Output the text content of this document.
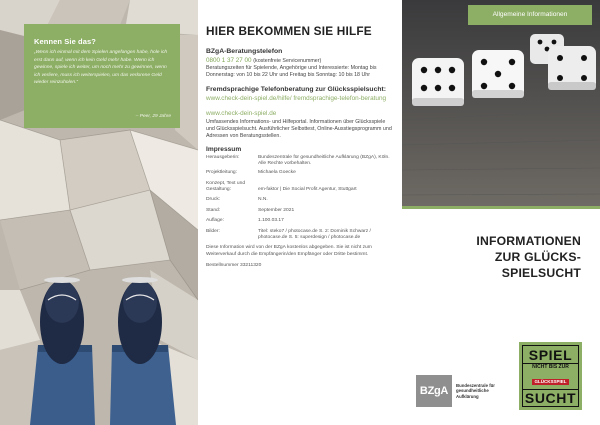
Kennen Sie das?
„Wenn ich einmal mit dem Spielen angefangen habe, hole ich erst dann auf, wenn ich kein Geld mehr habe. Wenn ich gewinne, spiele ich weiter, um noch mehr zu gewinnen, wenn ich verliere, muss ich weiterspielen, um das verlorene Geld wieder reinzuholen.“
– Peer, 29 Jahre
HIER BEKOMMEN SIE HILFE
BZgA-Beratungstelefon
0800 1 37 27 00 (kostenfreie Servicenummer)
Beratungszeiten für Spielende, Angehörige und Interessierte: Montag bis Donnerstag: von 10 bis 22 Uhr und Freitag bis Sonntag: 10 bis 18 Uhr
Fremdsprachige Telefonberatung zur Glücksspielsucht:
www.check-dein-spiel.de/hilfe/ fremdsprachige-telefon-beratung
www.check-dein-spiel.de
Umfassendes Informations- und Hilfeportal. Informationen über Glücksspiele und Glücksspielsucht. Ausführlicher Selbsttest, Online-Ausstiegsprogramm und Adressen von Beratungsstellen.
Impressum
Herausgeberin:	Bundeszentrale für gesundheitliche Aufklärung (BZgA), Köln. Alle Rechte vorbehalten.
Projektleitung:	Michaela Goecke
Konzept, Text und Gestaltung:	em-faktor | Die Social Profit Agentur, Stuttgart
Druck:	N.N.
Stand:	September 2021
Auflage:	1.100.03.17
Bilder:	Titel: steko7 / photocase.de S. 2: Dominik Schwarz / photocase.de S. 5: superdesign / photocase.de
Diese Information wird von der BZgA kostenlos abgegeben. Sie ist nicht zum Weiterverkauf durch die Empfängerin/den Empfänger oder Dritte bestimmt.
Bestellnummer 33211320
Allgemeine Informationen
INFORMATIONEN
ZUR GLÜCKS-
SPIELSUCHT
BZgA	Bundeszentrale für gesundheitliche Aufklärung
SPIEL
NICHT BIS ZUR
GLÜCKSSPIEL
SUCHT
